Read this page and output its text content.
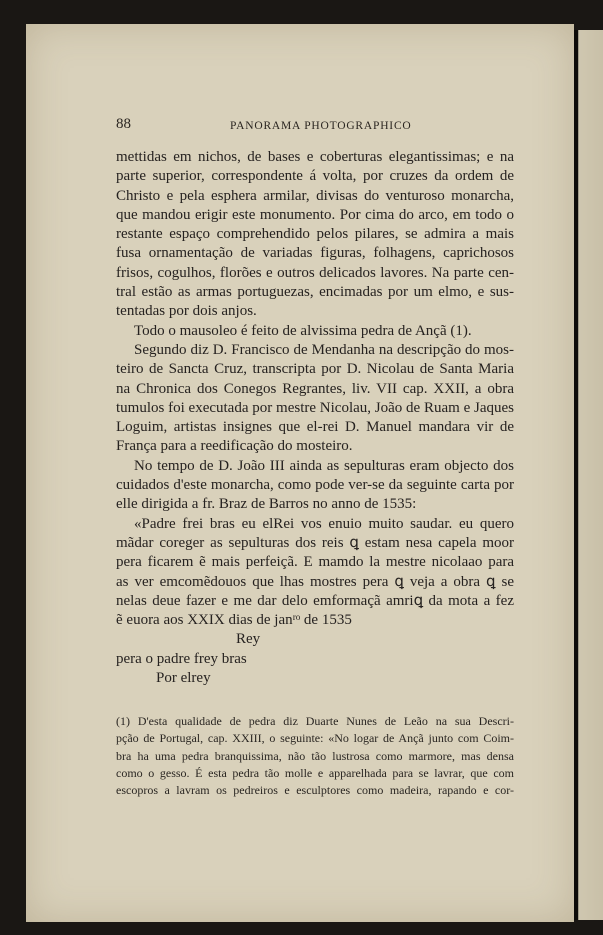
88	PANORAMA PHOTOGRAPHICO
mettidas em nichos, de bases e coberturas elegantissimas; e na
parte superior, correspondente á volta, por cruzes da ordem de
Christo e pela esphera armilar, divisas do venturoso monarcha,
que mandou erigir este monumento. Por cima do arco, em todo o
restante espaço comprehendido pelos pilares, se admira a mais
fusa ornamentação de variadas figuras, folhagens, caprichosos
frisos, cogulhos, florões e outros delicados lavores. Na parte cen-
tral estão as armas portuguezas, encimadas por um elmo, e sus-
tentadas por dois anjos.
Todo o mausoleo é feito de alvissima pedra de Ançã (1).
Segundo diz D. Francisco de Mendanha na descripção do mos-
teiro de Sancta Cruz, transcripta por D. Nicolau de Santa Maria
na Chronica dos Conegos Regrantes, liv. VII cap. XXII, a obra
tumulos foi executada por mestre Nicolau, João de Ruam e Jaques
Loguim, artistas insignes que el-rei D. Manuel mandara vir de
França para a reedificação do mosteiro.
No tempo de D. João III ainda as sepulturas eram objecto dos
cuidados d'este monarcha, como pode ver-se da seguinte carta por
elle dirigida a fr. Braz de Barros no anno de 1535:
«Padre frei bras eu elRei vos enuio muito saudar. eu quero
mãdar coreger as sepulturas dos reis ꝗ estam nesa capela moor
pera ficarem ẽ mais perfeiçã. E mamdo la mestre nicolaao para
as ver emcomẽdouos que lhas mostres pera ꝗ veja a obra ꝗ se
nelas deue fazer e me dar delo emformaçã amriꝗ da mota a fez
ẽ euora aos XXIX dias de janʳᵒ de 1535
Rey
pera o padre frey bras
Por elrey
(1) D'esta qualidade de pedra diz Duarte Nunes de Leão na sua Descri-
pção de Portugal, cap. XXIII, o seguinte: «No logar de Ançã junto com Coim-
bra ha uma pedra branquissima, não tão lustrosa como marmore, mas densa
como o gesso. É esta pedra tão molle e apparelhada para se lavrar, que com
escopros a lavram os pedreiros e esculptores como madeira, rapando e cor-
